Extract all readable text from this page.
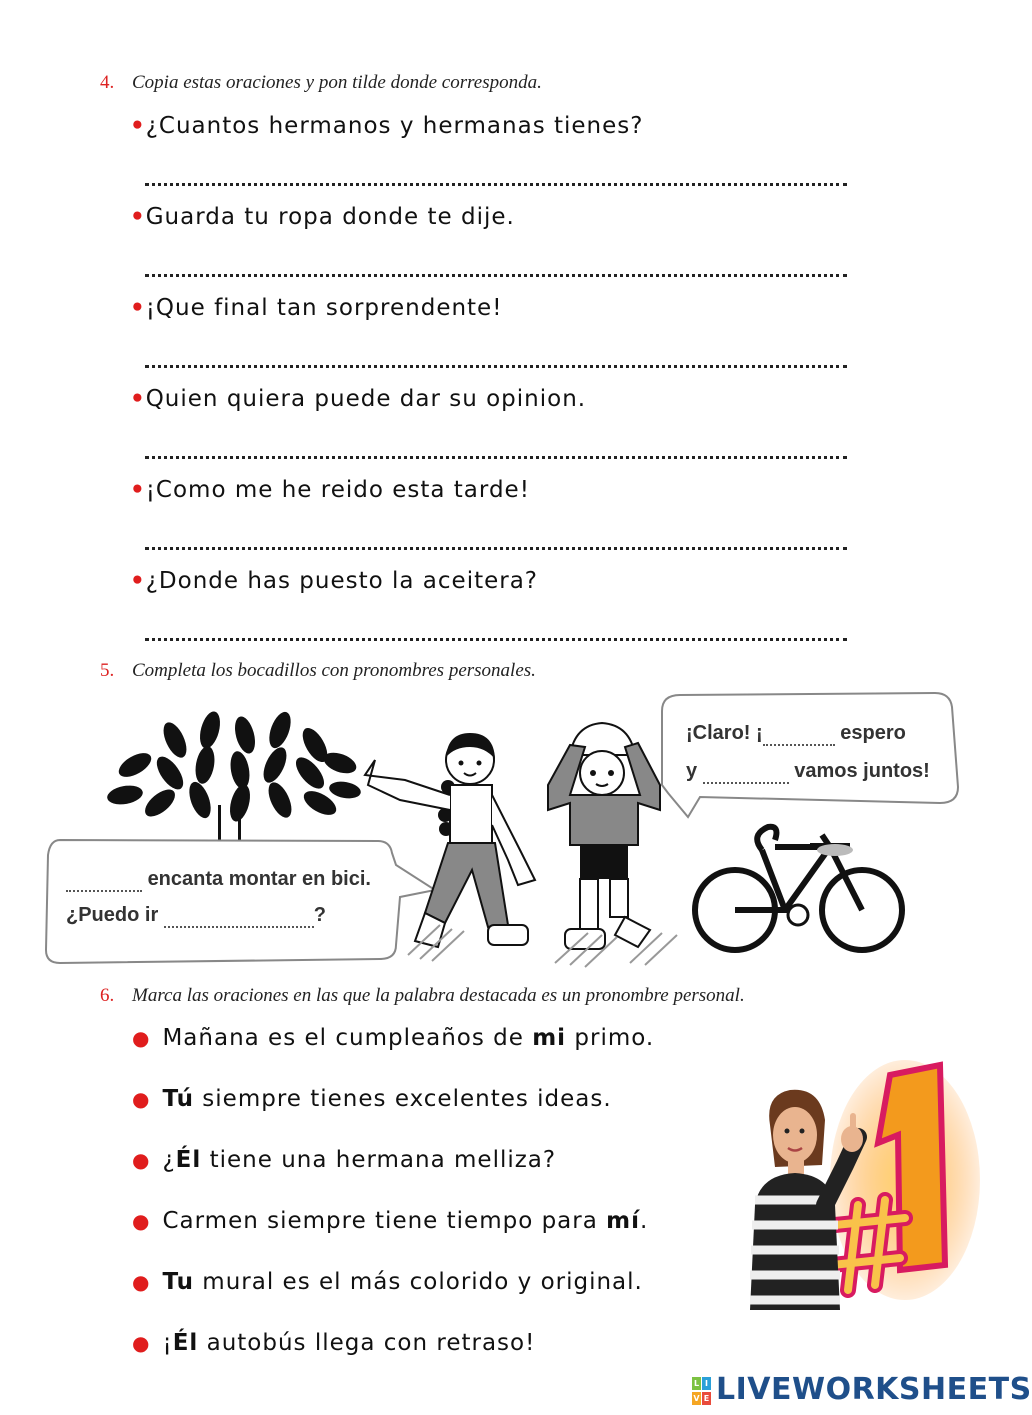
4. Copia estas oraciones y pon tilde donde corresponda.
•¿Cuantos hermanos y hermanas tienes?
•Guarda tu ropa donde te dije.
•¡Que final tan sorprendente!
•Quien quiera puede dar su opinion.
•¡Como me he reido esta tarde!
•¿Donde has puesto la aceitera?
5. Completa los bocadillos con pronombres personales.
encanta montar en bici.
¿Puedo ir	?
¡Claro! ¡	espero
y	vamos juntos!
6. Marca las oraciones en las que la palabra destacada es un pronombre personal.
● Mañana es el cumpleaños de mi primo.
● Tú siempre tienes excelentes ideas.
● ¿Él tiene una hermana melliza?
● Carmen siempre tiene tiempo para mí.
● Tu mural es el más colorido y original.
● ¡Él autobús llega con retraso!
L I
V E LIVEWORKSHEETS
